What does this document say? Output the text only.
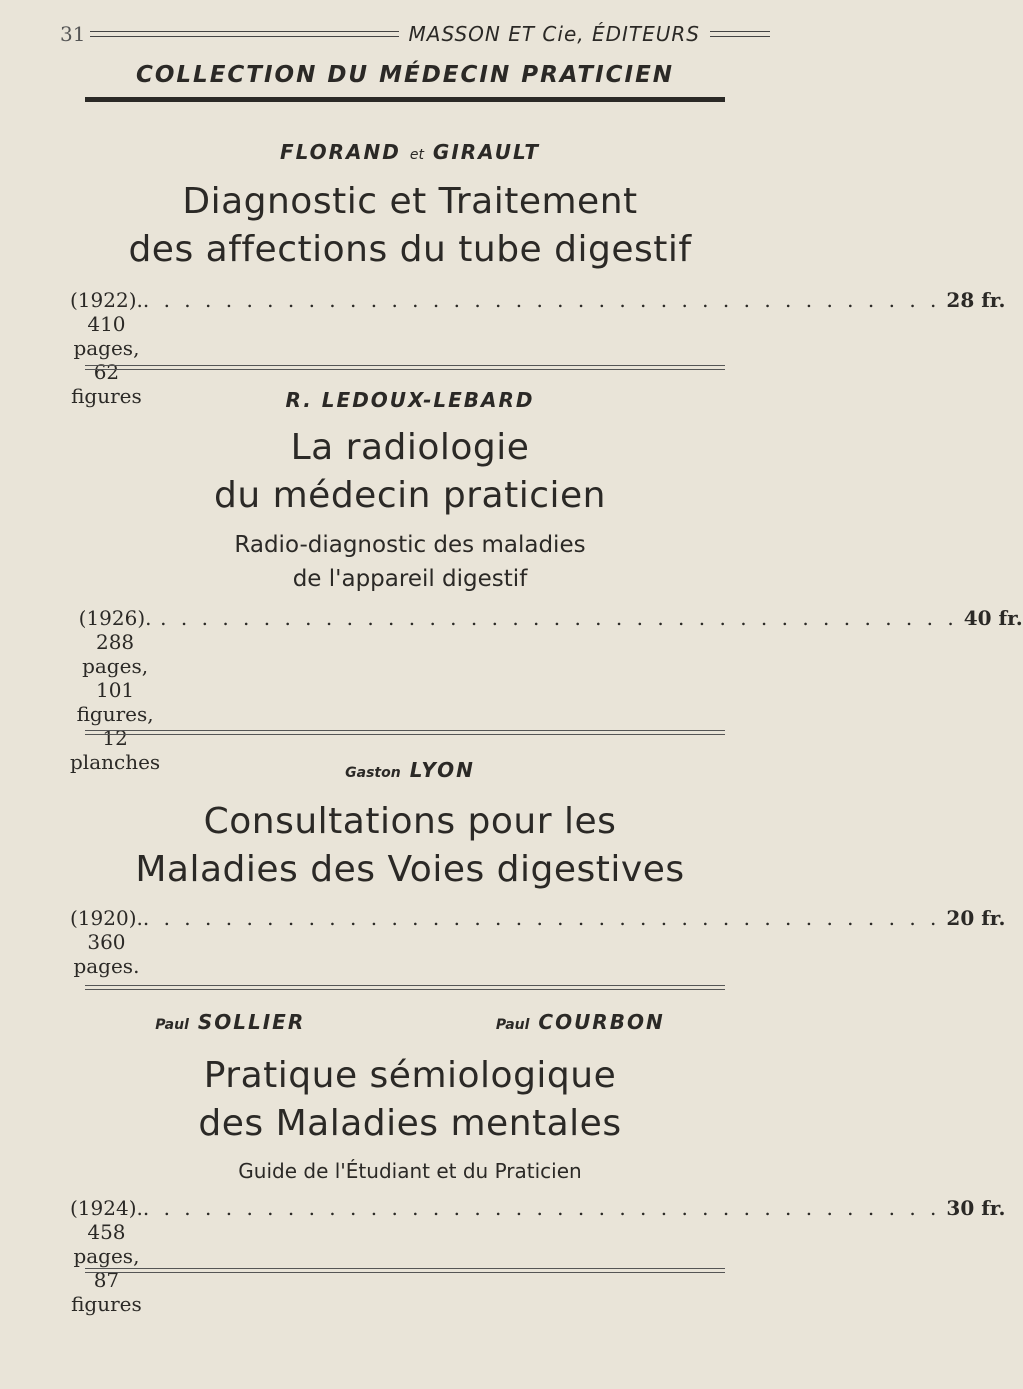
31	MASSON ET Cie, ÉDITEURS
COLLECTION DU MÉDECIN PRATICIEN
FLORAND et GIRAULT
Diagnostic et Traitement
des affections du tube digestif
(1922). 410 pages, 62 figures
. . . . . . . . . . . . . . . . . . . . . . . . . . . . . . . . . . . . . . . 28 fr.
R. LEDOUX-LEBARD
La radiologie
du médecin praticien
Radio-diagnostic des maladies
de l'appareil digestif
(1926). 288 pages, 101 figures, 12 planches
. . . . . . . . . . . . . . . . . . . . . . . . . . . . . . . . . . . . . . . 40 fr.
Gaston LYON
Consultations pour les
Maladies des Voies digestives
(1920). 360 pages.
. . . . . . . . . . . . . . . . . . . . . . . . . . . . . . . . . . . . . . . 20 fr.
Paul SOLLIER	Paul COURBON
Pratique sémiologique
des Maladies mentales
Guide de l'Étudiant et du Praticien
(1924). 458 pages, 87 figures
. . . . . . . . . . . . . . . . . . . . . . . . . . . . . . . . . . . . . . . 30 fr.
